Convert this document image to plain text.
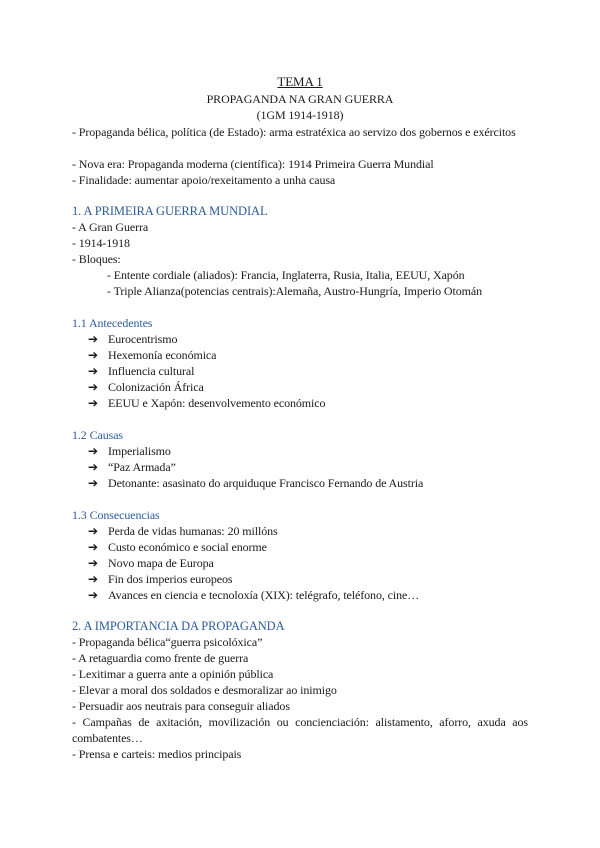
TEMA 1
PROPAGANDA NA GRAN GUERRA
(1GM 1914-1918)
- Propaganda bélica, política (de Estado): arma estratéxica ao servizo dos gobernos e exércitos
- Nova era: Propaganda moderna (científica): 1914 Primeira Guerra Mundial
- Finalidade: aumentar apoio/rexeitamento a unha causa
1. A PRIMEIRA GUERRA MUNDIAL
- A Gran Guerra
- 1914-1918
- Bloques:
- Entente cordiale (aliados): Francia, Inglaterra, Rusia, Italia, EEUU, Xapón
- Triple Alianza(potencias centrais):Alemaña, Austro-Hungría, Imperio Otomán
1.1 Antecedentes
➔ Eurocentrismo
➔ Hexemonía económica
➔ Influencia cultural
➔ Colonización África
➔ EEUU e Xapón: desenvolvemento económico
1.2 Causas
➔ Imperialismo
➔ “Paz Armada”
➔ Detonante: asasinato do arquiduque Francisco Fernando de Austria
1.3 Consecuencias
➔ Perda de vidas humanas: 20 millóns
➔ Custo económico e social enorme
➔ Novo mapa de Europa
➔ Fin dos imperios europeos
➔ Avances en ciencia e tecnoloxía (XIX): telégrafo, teléfono, cine…
2. A IMPORTANCIA DA PROPAGANDA
- Propaganda bélica“guerra psicolóxica”
- A retaguardia como frente de guerra
- Lexitimar a guerra ante a opinión pública
- Elevar a moral dos soldados e desmoralizar ao inimigo
- Persuadir aos neutrais para conseguir aliados
- Campañas de axitación, movilización ou concienciación: alistamento, aforro, axuda aos combatentes…
- Prensa e carteis: medios principais
